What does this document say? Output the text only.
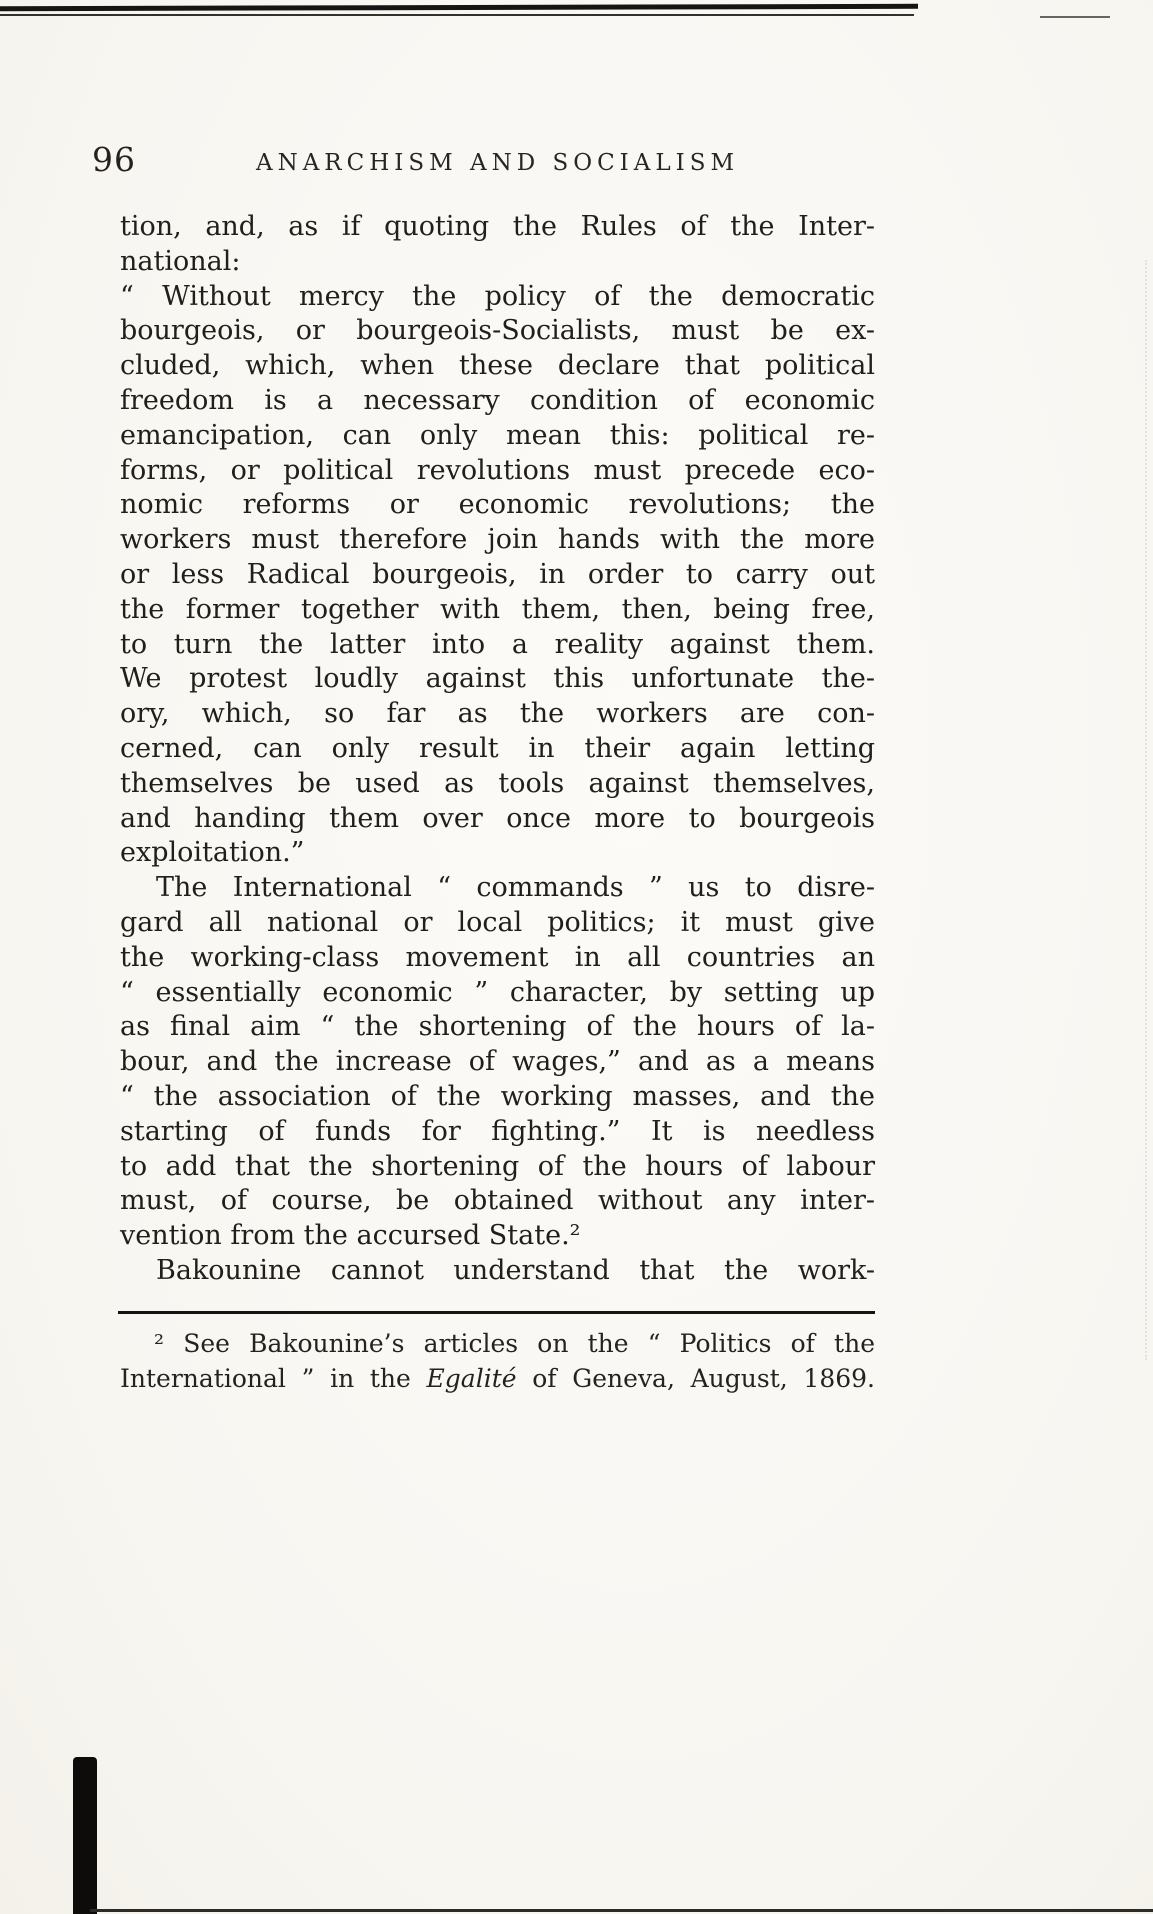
96	ANARCHISM AND SOCIALISM
tion, and, as if quoting the Rules of the Inter-
national:
“ Without mercy the policy of the democratic
bourgeois, or bourgeois-Socialists, must be ex-
cluded, which, when these declare that political
freedom is a necessary condition of economic
emancipation, can only mean this: political re-
forms, or political revolutions must precede eco-
nomic reforms or economic revolutions; the
workers must therefore join hands with the more
or less Radical bourgeois, in order to carry out
the former together with them, then, being free,
to turn the latter into a reality against them.
We protest loudly against this unfortunate the-
ory, which, so far as the workers are con-
cerned, can only result in their again letting
themselves be used as tools against themselves,
and handing them over once more to bourgeois
exploitation.”
The International “ commands ” us to disre-
gard all national or local politics; it must give
the working-class movement in all countries an
“ essentially economic ” character, by setting up
as final aim “ the shortening of the hours of la-
bour, and the increase of wages,” and as a means
“ the association of the working masses, and the
starting of funds for fighting.” It is needless
to add that the shortening of the hours of labour
must, of course, be obtained without any inter-
vention from the accursed State.²
Bakounine cannot understand that the work-
² See Bakounine’s articles on the “ Politics of the
International ” in the Egalité of Geneva, August, 1869.
